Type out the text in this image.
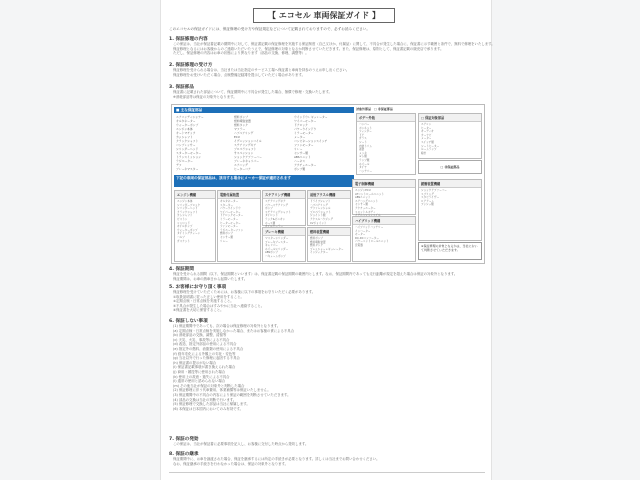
【 エコセル 車両保証ガイド 】
このエコセルの保証ガイドには、保証修理の受け方や保証規定などについて記載されておりますので、必ずお読みください。
1. 保証修理の内容
この保証は、当社が保証書記載の期間中に対して、保証書記載の保証修理を実施する保証制度（自己又ほか、付属品）に関して、不具合が発生した場合に、保証書に示す範囲と条件で、無料で修理をいたします。
保証修理となるにはお客様からのご連絡いただいたうえで、保証修理の対象となるか判断させていただきます。また、保証修理は、原則として、保証書記載の販売店で承ります。
ただし、保証修理の内容はお車の状態により異なります（部品の交換、修理、調整等）。
2. 保証修理の受け方
保証修理を受けられる場合は、当社または当社指定のサービス工場へ保証書と車両を持参のうえお申し出ください。
保証修理をお受けいただく場合、点検整備記録簿を提示していただく場合があります。
3. 保証部品
保証書に記載された部品について、保証期間中に不具合が発生した場合、無償で修理・交換いたします。
※消耗部品等は保証の対象外となります。
■ 主な保証部品
エアコンディショナー
オルタネーター
ウォーターポンプ
エンジン本体
オートマチック
カムシャフト
クランクシャフト
コンプレッサー
シリンダーヘッド
スターターモーター
トランスミッション
ラジエーター
デフ
ブレーキマスター
燃料ポンプ
燃料噴射装置
燃料タンク
マフラー
ハブベアリング
ECU
イグニッションコイル
ステアリングギア
プロペラシャフト
サスペンション
ショックアブソーバー
ブレーキキャリパー
エアバッグ
ヒーターコア
ウインドウレギュレーター
ワイパーモーター
ドアロック
パワーウインドウ
ミラーモーター
メーター
コンビネーションスイッチ
ファンモーター
リレー
センサー類
ABSユニット
ハーネス
アクチュエーター
ポンプ類
対象外部品　□ 非保証部品
ボデー外装
バンパー
ボンネット
フェンダー
ドア
ガラス
シート
内装トリム
塗装
メッキ
ゴム類
ランプ類
ホイール
タイヤ
バッテリー
□ 保証対象部品
エアコン
ヒーター
オーディオ
カーナビ
メーター
スイッチ類
シートヒーター
ルームランプ
時計
□ 非保証部品
下記の車両の保証部品は、該当する場合にメーカー保証が適用されます
エンジン機構
エンジン本体
シリンダーブロック
シリンダーヘッド
クランクシャフト
カムシャフト
ピストン
コンロッド
オイルポンプ
ウォーターポンプ
タイミングチェーン
バルブ
ガスケット
電動付属装置
オルタネーター
スターター
パワーウインドウ
ワイパーモーター
ドアロックモーター
ミラーモーター
ヒーターモーター
ファンモーター
ラジエーターファン
燃料ポンプ
センサー類
リレー
ステアリング機構
ステアリングギア
パワーステアリング
ポンプ
ステアリングシャフト
タイロッド
ラック&ピニオン
ホース類
ブレーキ機構
マスターシリンダー
ブレーキブースター
キャリパー
ホイールシリンダー
ABSポンプ
バキュームポンプ
前後アクスル機構
ドライブシャフト
ハブベアリング
デファレンシャル
プロペラシャフト
ジョイント類
アクスルハウジング
CVジョイント
燃料装置機構
燃料ポンプ
燃料噴射装置
燃料タンク
プレッシャーレギュレーター
インジェクター
電子制御機構
エンジンECU
ATコントロールユニット
ABSユニット
エアバッグユニット
センサー類
アクチュエーター
スロットルボディ
ハイブリッド機構
ハイブリッドバッテリー
インバーター
モーター
DC-DCコンバーター
パワーコントロールユニット
充電器
緩衝装置機構
ショックアブソーバー
スプリング
スタビライザー
ロアアーム
ブッシュ類
※保証修理の対象となるかは、当社において判断させていただきます。
4. 保証期間
保証を受けられる期間（以下、保証期間といいます）は、保証書記載の保証期間の範囲内とします。なお、保証期間内であっても走行距離が規定を超えた場合は保証の対象外となります。
保証期間は、お車の納車日から起算いたします。
5. お客様にお守り頂く事項
保証修理を受けていただくためには、お客様に以下の事項をお守りいただく必要があります。
①取扱説明書に従った正しい使用をすること。
②定期点検・日常点検を実施すること。
③不具合が発生した場合はすみやかに当社へ連絡すること。
④保証書を大切に保管すること。
6. 保証しない事項
(1) 保証期間中であっても、次の場合は保証修理の対象外となります。
(a) 定期点検・日常点検を実施しなかった場合、またはお客様の責による不具合
(b) 消耗部品の交換、調整、清掃等
(c) 天災、火災、事故等による不具合
(d) 改造、指定外部品の使用による不具合
(e) 指定外の燃料、油脂類の使用による不具合
(f) 経年変化による外観上の劣化・変色等
(g) 当社以外で行った修理に起因する不具合
(h) 保証書の提示がない場合
(i) 保証書記載事項が書き換えられた場合
(j) 商用・競技等に使用された場合
(k) 使用上の故意・過失による不具合
(l) 通常の使用と認められない場合
(m) その他当社が保証の対象外と判断した場合
(2) 保証修理に伴う代車費用、休業補償等は保証いたしません。
(3) 保証期間中の不具合の内容により保証の範囲を判断させていただきます。
(4) 部品の交換は当社の判断で行います。
(5) 保証修理で交換した部品は当社に帰属します。
(6) 本保証は日本国内においてのみ有効です。
7. 保証の発効
この保証は、当社が保証書に必要事項を記入し、お客様に交付した時点から発効します。
8. 保証の継承
保証期間中に、お車を譲渡された場合、保証を継承するには所定の手続きが必要となります。詳しくは当社までお問い合わせください。
なお、保証継承の手続きを行わなかった場合は、保証の対象外となります。
